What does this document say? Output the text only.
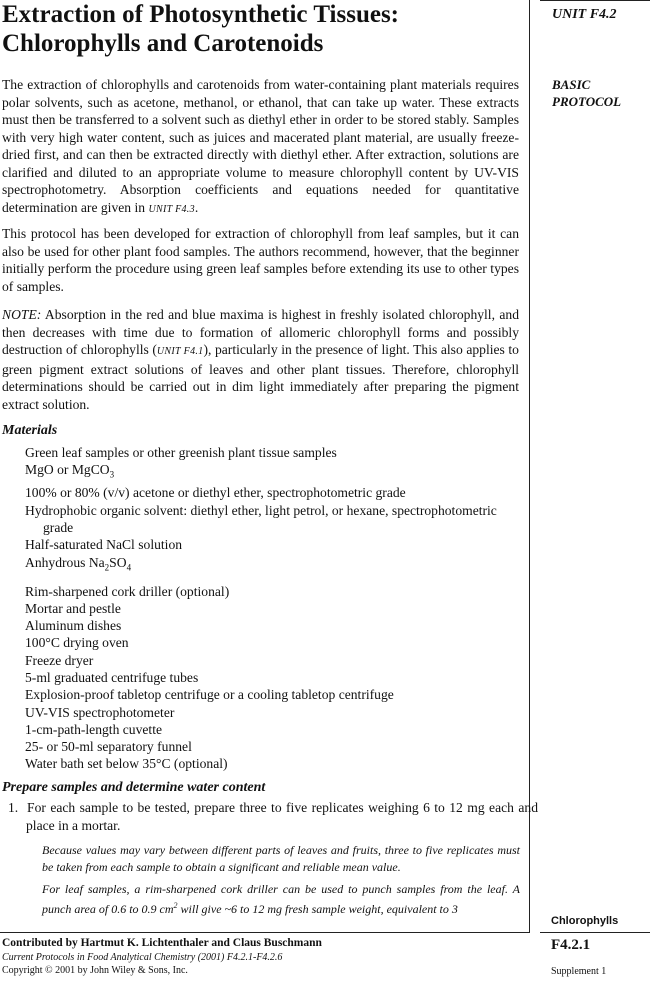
Extraction of Photosynthetic Tissues:
Chlorophylls and Carotenoids
UNIT F4.2
BASIC
PROTOCOL

The extraction of chlorophylls and carotenoids from water-containing plant materials requires polar solvents, such as acetone, methanol, or ethanol, that can take up water. These extracts must then be transferred to a solvent such as diethyl ether in order to be stored stably. Samples with very high water content, such as juices and macerated plant material, are usually freeze-dried first, and can then be extracted directly with diethyl ether. After extraction, solutions are clarified and diluted to an appropriate volume to measure chlorophyll content by UV-VIS spectrophotometry. Absorption coefficients and equations needed for quantitative determination are given in UNIT F4.3.

This protocol has been developed for extraction of chlorophyll from leaf samples, but it can also be used for other plant food samples. The authors recommend, however, that the beginner initially perform the procedure using green leaf samples before extending its use to other types of samples.

NOTE: Absorption in the red and blue maxima is highest in freshly isolated chlorophyll, and then decreases with time due to formation of allomeric chlorophyll forms and possibly destruction of chlorophylls (UNIT F4.1), particularly in the presence of light. This also applies to green pigment extract solutions of leaves and other plant tissues. Therefore, chlorophyll determinations should be carried out in dim light immediately after preparing the pigment extract solution.

Materials
Green leaf samples or other greenish plant tissue samples
MgO or MgCO$_3$
100% or 80% (v/v) acetone or diethyl ether, spectrophotometric grade
Hydrophobic organic solvent: diethyl ether, light petrol, or hexane, spectrophotometric grade
Half-saturated NaCl solution
Anhydrous $Na_2SO_4$
Rim-sharpened cork driller (optional)
Mortar and pestle
Aluminum dishes
100°C drying oven
Freeze dryer
5-ml graduated centrifuge tubes
Explosion-proof tabletop centrifuge or a cooling tabletop centrifuge
UV-VIS spectrophotometer
1-cm-path-length cuvette
25- or 50-ml separatory funnel
Water bath set below 35°C (optional)
Prepare samples and determine water content

1. For each sample to be tested, prepare three to five replicates weighing 6 to 12 mg each and place in a mortar.

Because values may vary between different parts of leaves and fruits, three to five replicates must be taken from each sample to obtain a significant and reliable mean value.

For leaf samples, a rim-sharpened cork driller can be used to punch samples from the leaf. A punch area of 0.6 to 0.9 $cm^2$ will give ~6 to 12 mg fresh sample weight, equivalent to 3

Contributed by Hartmut K. Lichtenthaler and Claus Buschmann
Current Protocols in Food Analytical Chemistry (2001) F4.2.1-F4.2.6
Copyright © 2001 by John Wiley & Sons, Inc.
Chlorophylls
F4.2.1
Supplement 1
